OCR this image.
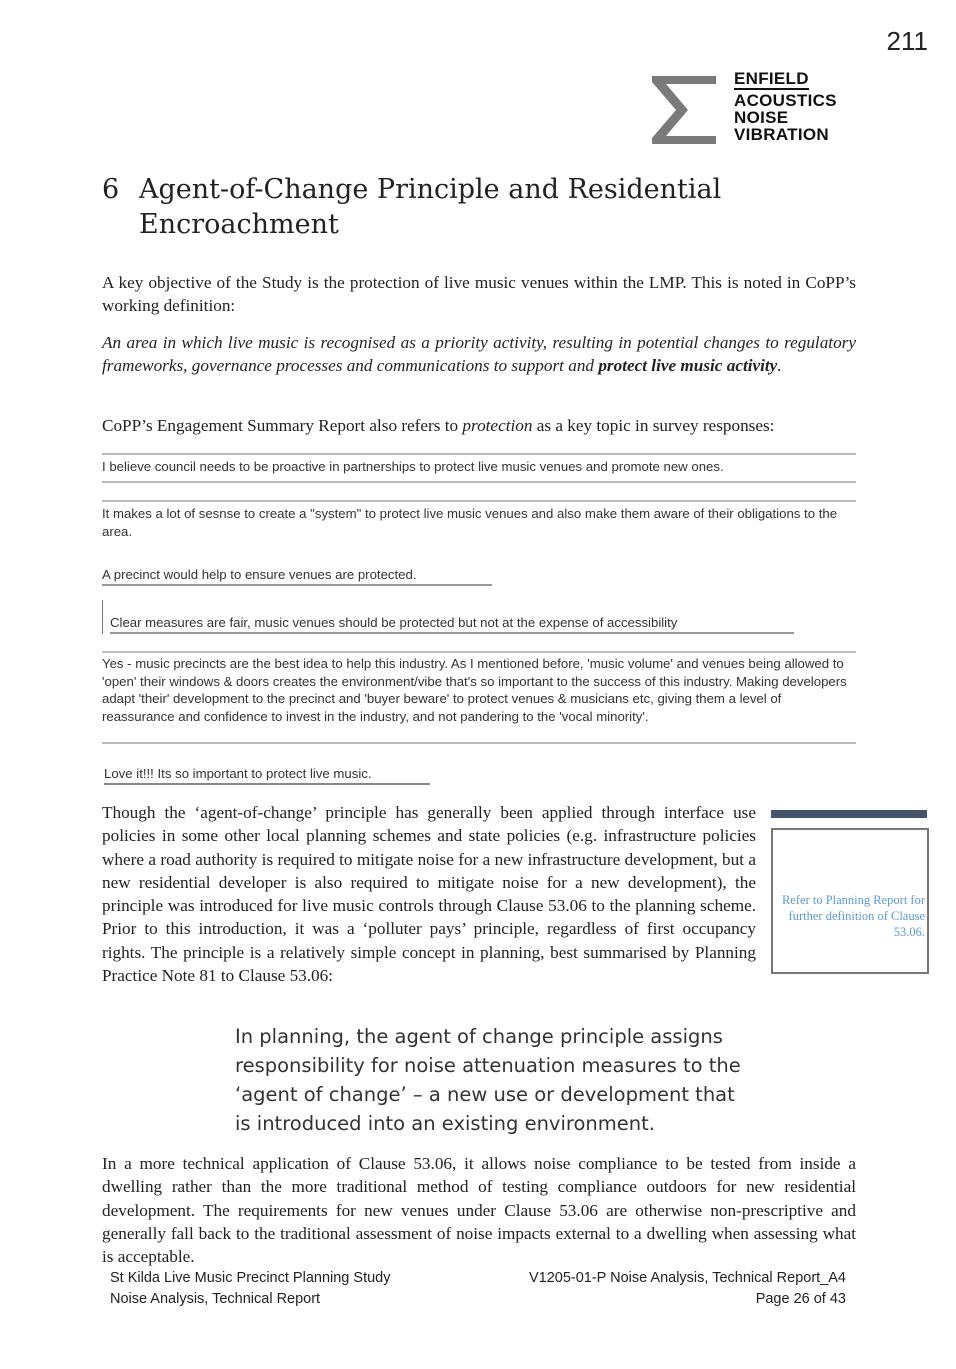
211
ENFIELD
ACOUSTICS
NOISE
VIBRATION
6 Agent-of-Change Principle and Residential Encroachment
A key objective of the Study is the protection of live music venues within the LMP. This is noted in CoPP’s working definition:
An area in which live music is recognised as a priority activity, resulting in potential changes to regulatory frameworks, governance processes and communications to support and protect live music activity.
CoPP’s Engagement Summary Report also refers to protection as a key topic in survey responses:
I believe council needs to be proactive in partnerships to protect live music venues and promote new ones.
It makes a lot of sesnse to create a "system" to protect live music venues and also make them aware of their obligations to the area.
A precinct would help to ensure venues are protected.
Clear measures are fair, music venues should be protected but not at the expense of accessibility
Yes - music precincts are the best idea to help this industry. As I mentioned before, 'music volume' and venues being allowed to 'open' their windows & doors creates the environment/vibe that's so important to the success of this industry. Making developers adapt 'their' development to the precinct and 'buyer beware' to protect venues & musicians etc, giving them a level of reassurance and confidence to invest in the industry, and not pandering to the 'vocal minority'.
Love it!!! Its so important to protect live music.
Though the ‘agent-of-change’ principle has generally been applied through interface use policies in some other local planning schemes and state policies (e.g. infrastructure policies where a road authority is required to mitigate noise for a new infrastructure development, but a new residential developer is also required to mitigate noise for a new development), the principle was introduced for live music controls through Clause 53.06 to the planning scheme. Prior to this introduction, it was a ‘polluter pays’ principle, regardless of first occupancy rights. The principle is a relatively simple concept in planning, best summarised by Planning Practice Note 81 to Clause 53.06:
Refer to Planning Report for further definition of Clause 53.06.
In planning, the agent of change principle assigns responsibility for noise attenuation measures to the ‘agent of change’ – a new use or development that is introduced into an existing environment.
In a more technical application of Clause 53.06, it allows noise compliance to be tested from inside a dwelling rather than the more traditional method of testing compliance outdoors for new residential development. The requirements for new venues under Clause 53.06 are otherwise non-prescriptive and generally fall back to the traditional assessment of noise impacts external to a dwelling when assessing what is acceptable.
St Kilda Live Music Precinct Planning Study
Noise Analysis, Technical Report
V1205-01-P Noise Analysis, Technical Report_A4
Page 26 of 43
